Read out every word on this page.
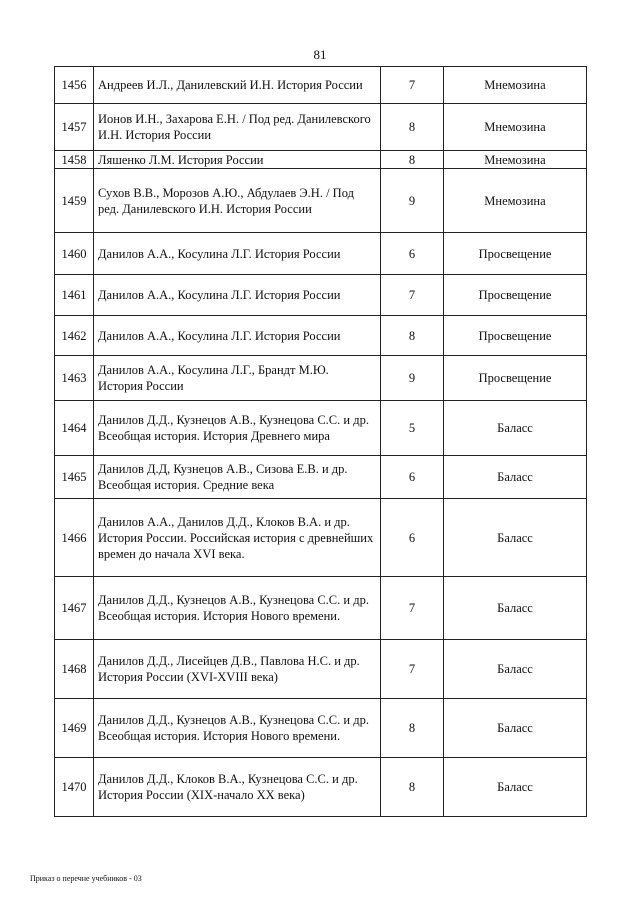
81
1456	Андреев И.Л., Данилевский И.Н. История России	7	Мнемозина
1457	Ионов И.Н., Захарова Е.Н. / Под ред. Данилевского И.Н. История России	8	Мнемозина
1458	Ляшенко Л.М. История России	8	Мнемозина
1459	Сухов В.В., Морозов А.Ю., Абдулаев Э.Н. / Под ред. Данилевского И.Н. История России	9	Мнемозина
1460	Данилов А.А., Косулина Л.Г. История России	6	Просвещение
1461	Данилов А.А., Косулина Л.Г. История России	7	Просвещение
1462	Данилов А.А., Косулина Л.Г. История России	8	Просвещение
1463	Данилов А.А., Косулина Л.Г., Брандт М.Ю. История России	9	Просвещение
1464	Данилов Д.Д., Кузнецов А.В., Кузнецова С.С. и др. Всеобщая история. История Древнего мира	5	Баласс
1465	Данилов Д.Д, Кузнецов А.В., Сизова Е.В. и др. Всеобщая история. Средние века	6	Баласс
1466	Данилов А.А., Данилов Д.Д., Клоков В.А. и др. История России. Российская история с древнейших времен до начала XVI века.	6	Баласс
1467	Данилов Д.Д., Кузнецов А.В., Кузнецова С.С. и др. Всеобщая история. История Нового времени.	7	Баласс
1468	Данилов Д.Д., Лисейцев Д.В., Павлова Н.С. и др. История России (XVI-XVIII века)	7	Баласс
1469	Данилов Д.Д., Кузнецов А.В., Кузнецова С.С. и др. Всеобщая история. История Нового времени.	8	Баласс
1470	Данилов Д.Д., Клоков В.А., Кузнецова С.С. и др. История России (XIX-начало XX века)	8	Баласс
Приказ о перечне учебников - 03
